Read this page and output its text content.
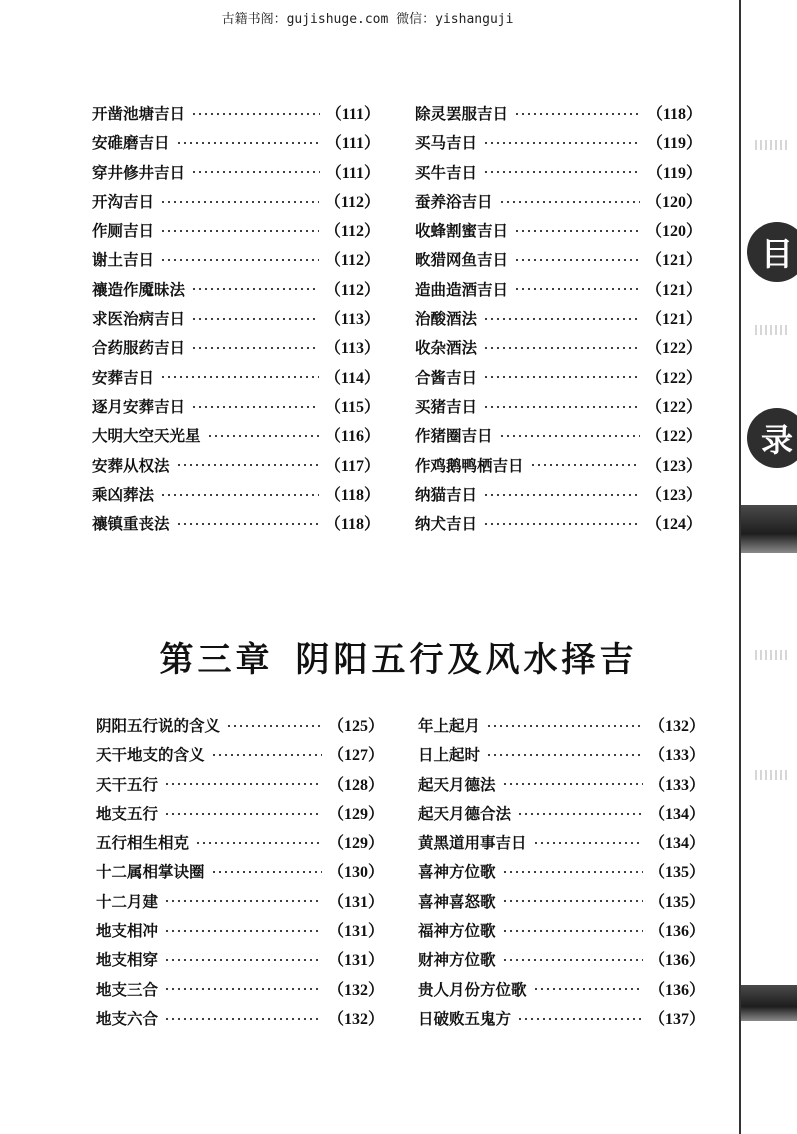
古籍书阁：gujishuge.com 微信：yishanguji
开凿池塘吉日	（111）
安碓磨吉日	（111）
穿井修井吉日	（111）
开沟吉日	（112）
作厕吉日	（112）
谢土吉日	（112）
禳造作魇昧法	（112）
求医治病吉日	（113）
合药服药吉日	（113）
安葬吉日	（114）
逐月安葬吉日	（115）
大明大空天光星	（116）
安葬从权法	（117）
乘凶葬法	（118）
禳镇重丧法	（118）
除灵罢服吉日	（118）
买马吉日	（119）
买牛吉日	（119）
蚕养浴吉日	（120）
收蜂割蜜吉日	（120）
畋猎网鱼吉日	（121）
造曲造酒吉日	（121）
治酸酒法	（121）
收杂酒法	（122）
合酱吉日	（122）
买猪吉日	（122）
作猪圈吉日	（122）
作鸡鹅鸭栖吉日	（123）
纳猫吉日	（123）
纳犬吉日	（124）
第三章 阴阳五行及风水择吉
阴阳五行说的含义	（125）
天干地支的含义	（127）
天干五行	（128）
地支五行	（129）
五行相生相克	（129）
十二属相掌诀圈	（130）
十二月建	（131）
地支相冲	（131）
地支相穿	（131）
地支三合	（132）
地支六合	（132）
年上起月	（132）
日上起时	（133）
起天月德法	（133）
起天月德合法	（134）
黄黑道用事吉日	（134）
喜神方位歌	（135）
喜神喜怒歌	（135）
福神方位歌	（136）
财神方位歌	（136）
贵人月份方位歌	（136）
日破败五鬼方	（137）
目
录
